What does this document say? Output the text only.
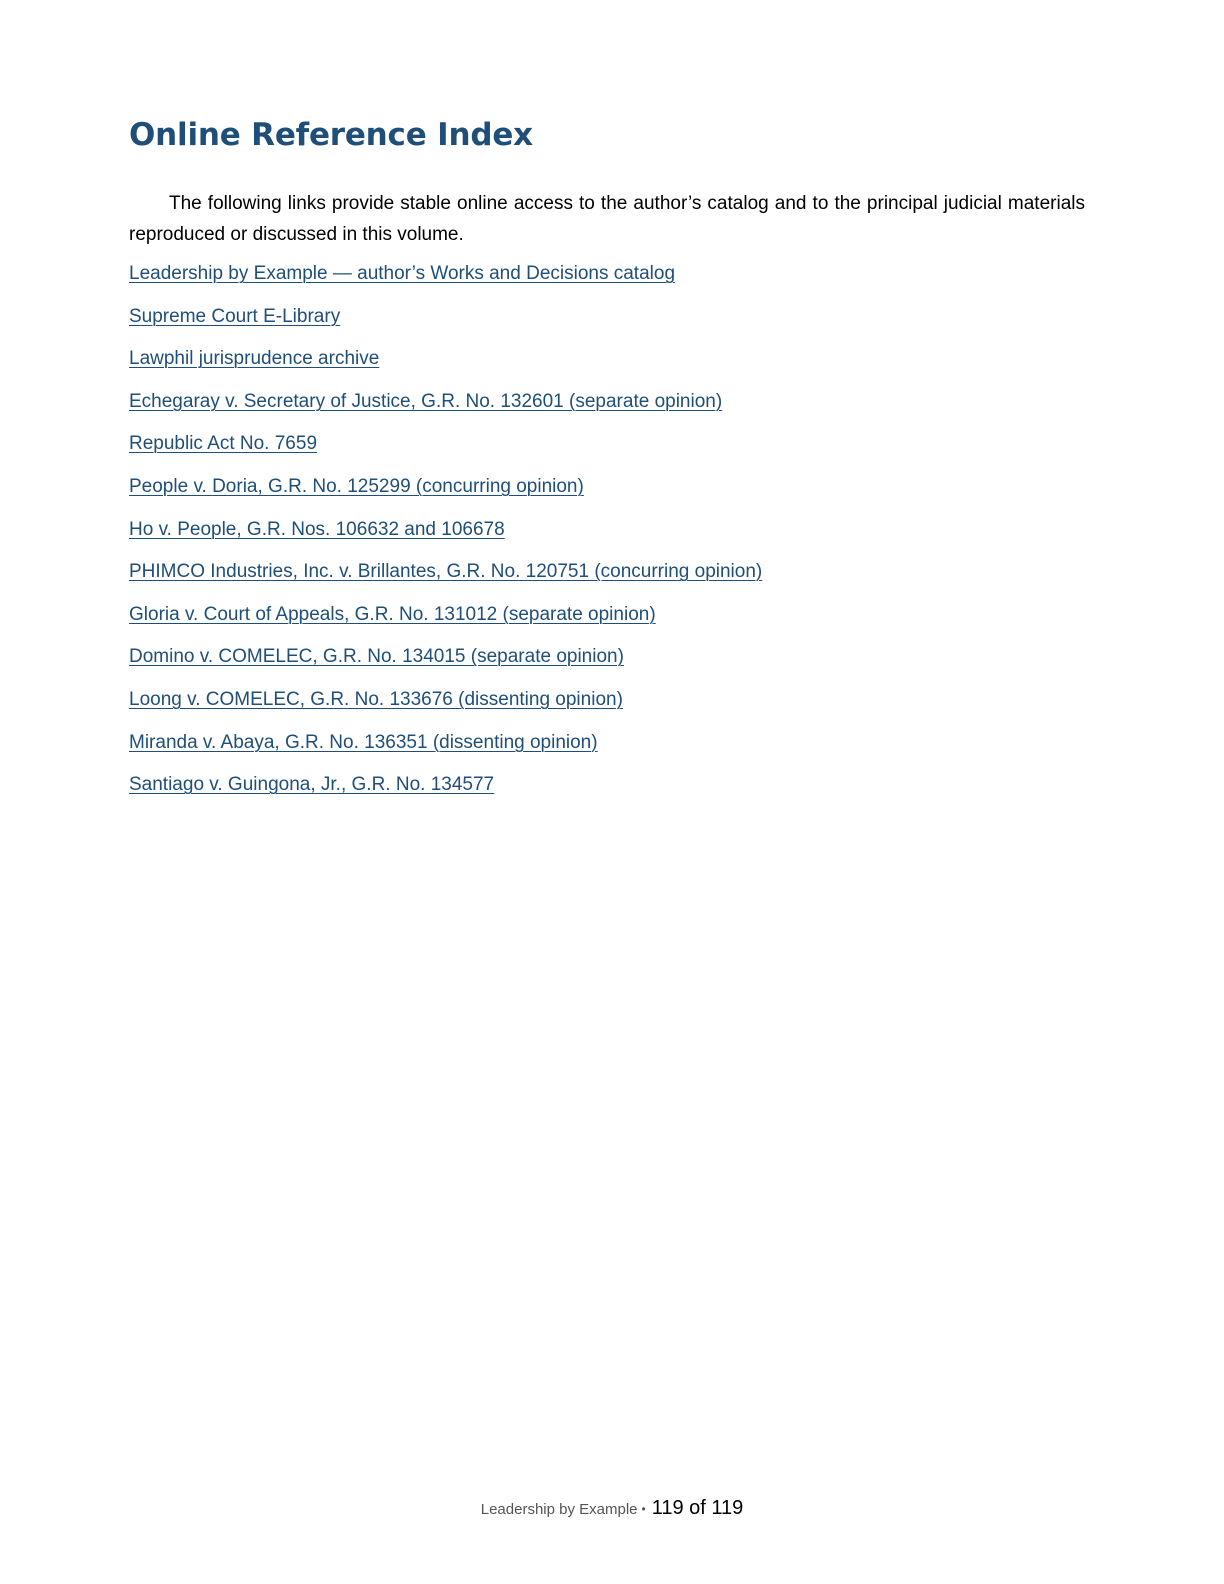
Online Reference Index

The following links provide stable online access to the author’s catalog and to the principal judicial materials reproduced or discussed in this volume.

Leadership by Example — author’s Works and Decisions catalog
Supreme Court E-Library
Lawphil jurisprudence archive
Echegaray v. Secretary of Justice, G.R. No. 132601 (separate opinion)
Republic Act No. 7659
People v. Doria, G.R. No. 125299 (concurring opinion)
Ho v. People, G.R. Nos. 106632 and 106678
PHIMCO Industries, Inc. v. Brillantes, G.R. No. 120751 (concurring opinion)
Gloria v. Court of Appeals, G.R. No. 131012 (separate opinion)
Domino v. COMELEC, G.R. No. 134015 (separate opinion)
Loong v. COMELEC, G.R. No. 133676 (dissenting opinion)
Miranda v. Abaya, G.R. No. 136351 (dissenting opinion)
Santiago v. Guingona, Jr., G.R. No. 134577
Leadership by Example • 119 of 119
